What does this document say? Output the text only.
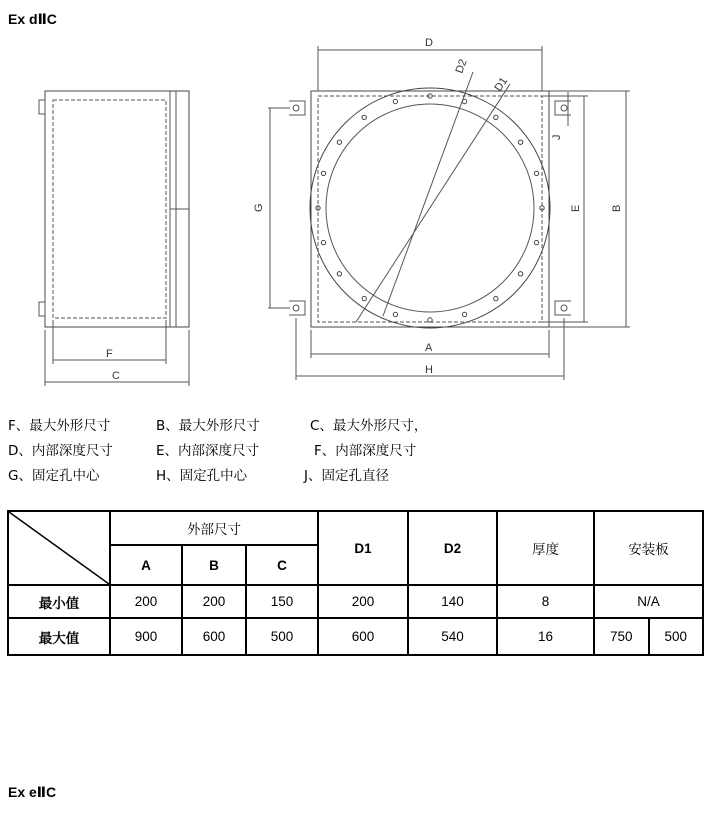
Ex dⅡC
D
D2
D1
J
G	E	B
A
H
F
C
F、最大外形尺寸	B、最大外形尺寸	C、最大外形尺寸，
D、内部深度尺寸	E、内部深度尺寸	F、内部深度尺寸
G、固定孔中心	H、固定孔中心	J、固定孔直径
	外部尺寸			D1	D2	厚度	安装板	
	A	B	C					
最小值	200	200	150	200	140	8	N/A	
最大值	900	600	500	600	540	16	750	500
Ex eⅡC
